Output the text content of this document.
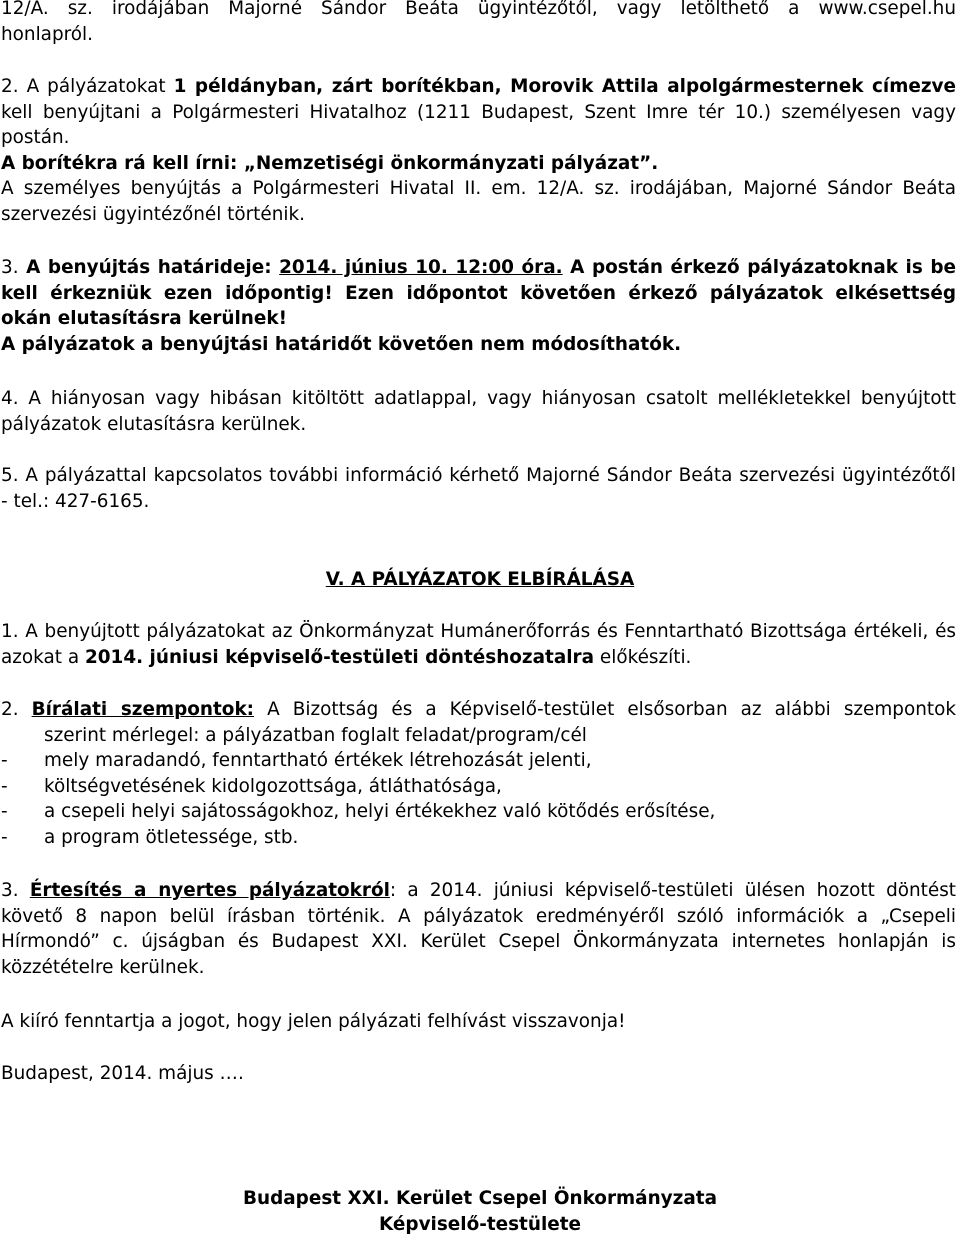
12/A. sz. irodájában Majorné Sándor Beáta ügyintézőtől, vagy letölthető a www.csepel.hu
honlapról.

2. A pályázatokat 1 példányban, zárt borítékban, Morovik Attila alpolgármesternek címezve kell benyújtani a Polgármesteri Hivatalhoz (1211 Budapest, Szent Imre tér 10.) személyesen vagy postán.
A borítékra rá kell írni: „Nemzetiségi önkormányzati pályázat”.
A személyes benyújtás a Polgármesteri Hivatal II. em. 12/A. sz. irodájában, Majorné Sándor Beáta szervezési ügyintézőnél történik.

3. A benyújtás határideje: 2014. június 10. 12:00 óra. A postán érkező pályázatoknak is be kell érkezniük ezen időpontig! Ezen időpontot követően érkező pályázatok elkésettség okán elutasításra kerülnek!
A pályázatok a benyújtási határidőt követően nem módosíthatók.

4. A hiányosan vagy hibásan kitöltött adatlappal, vagy hiányosan csatolt mellékletekkel benyújtott pályázatok elutasításra kerülnek.

5. A pályázattal kapcsolatos további információ kérhető Majorné Sándor Beáta szervezési ügyintézőtől - tel.: 427-6165.

V. A PÁLYÁZATOK ELBÍRÁLÁSA

1. A benyújtott pályázatokat az Önkormányzat Humánerőforrás és Fenntartható Bizottsága értékeli, és azokat a 2014. júniusi képviselő-testületi döntéshozatalra előkészíti.

2. Bírálati szempontok: A Bizottság és a Képviselő-testület elsősorban az alábbi szempontok
szerint mérlegel: a pályázatban foglalt feladat/program/cél
-	mely maradandó, fenntartható értékek létrehozását jelenti,
-	költségvetésének kidolgozottsága, átláthatósága,
-	a csepeli helyi sajátosságokhoz, helyi értékekhez való kötődés erősítése,
-	a program ötletessége, stb.

3. Értesítés a nyertes pályázatokról: a 2014. júniusi képviselő-testületi ülésen hozott döntést követő 8 napon belül írásban történik. A pályázatok eredményéről szóló információk a „Csepeli Hírmondó” c. újságban és Budapest XXI. Kerület Csepel Önkormányzata internetes honlapján is közzétételre kerülnek.

A kiíró fenntartja a jogot, hogy jelen pályázati felhívást visszavonja!

Budapest, 2014. május ….

Budapest XXI. Kerület Csepel Önkormányzata
Képviselő-testülete
